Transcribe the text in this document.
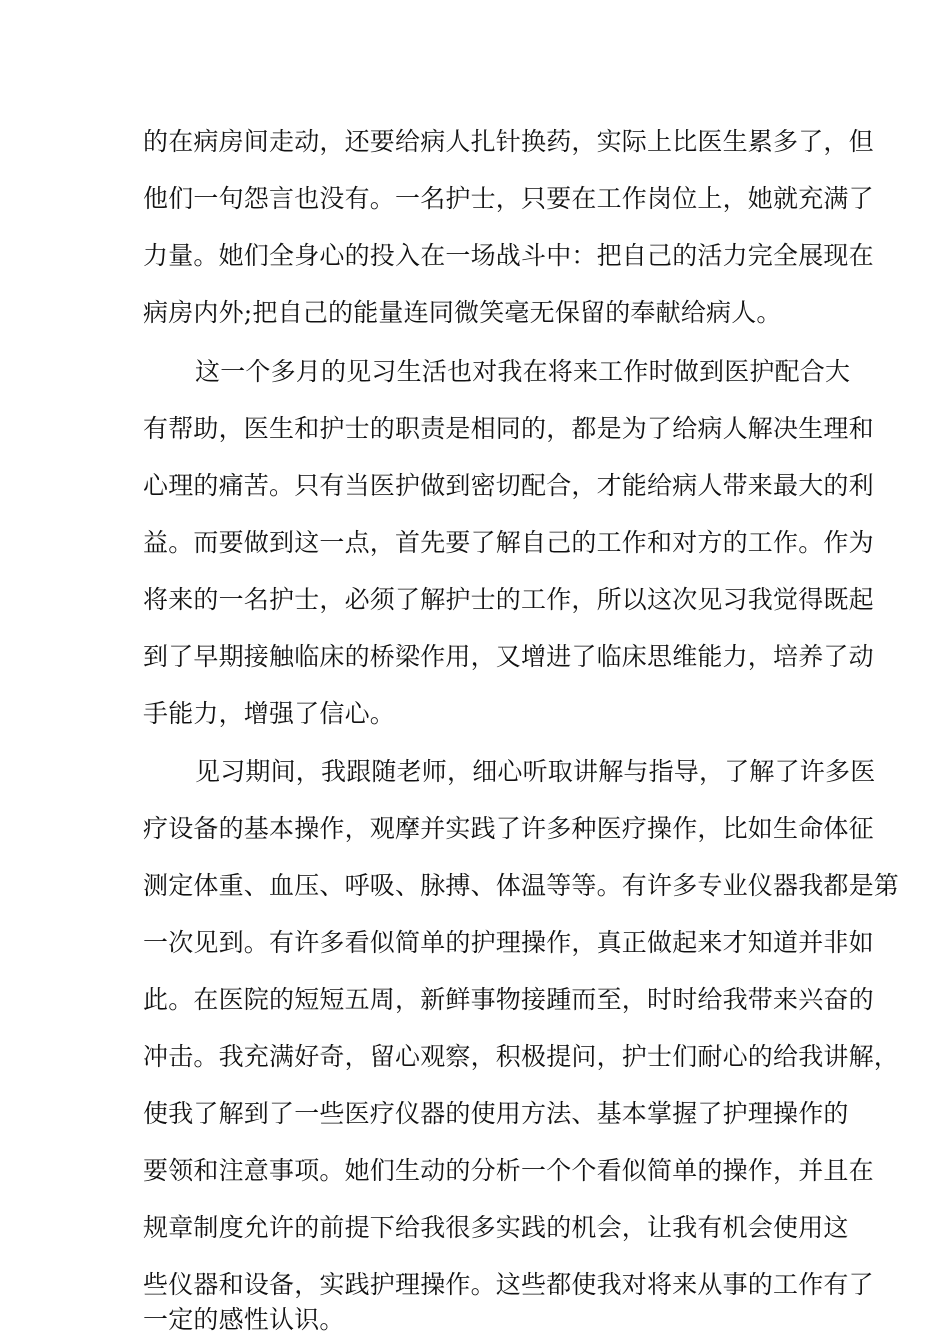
的在病房间走动，还要给病人扎针换药，实际上比医生累多了，但
他们一句怨言也没有。一名护士，只要在工作岗位上，她就充满了
力量。她们全身心的投入在一场战斗中：把自己的活力完全展现在
病房内外;把自己的能量连同微笑毫无保留的奉献给病人。
这一个多月的见习生活也对我在将来工作时做到医护配合大
有帮助，医生和护士的职责是相同的，都是为了给病人解决生理和
心理的痛苦。只有当医护做到密切配合，才能给病人带来最大的利
益。而要做到这一点，首先要了解自己的工作和对方的工作。作为
将来的一名护士，必须了解护士的工作，所以这次见习我觉得既起
到了早期接触临床的桥梁作用，又增进了临床思维能力，培养了动
手能力，增强了信心。
见习期间，我跟随老师，细心听取讲解与指导，了解了许多医
疗设备的基本操作，观摩并实践了许多种医疗操作，比如生命体征
测定体重、血压、呼吸、脉搏、体温等等。有许多专业仪器我都是第
一次见到。有许多看似简单的护理操作，真正做起来才知道并非如
此。在医院的短短五周，新鲜事物接踵而至，时时给我带来兴奋的
冲击。我充满好奇，留心观察，积极提问，护士们耐心的给我讲解，
使我了解到了一些医疗仪器的使用方法、基本掌握了护理操作的
要领和注意事项。她们生动的分析一个个看似简单的操作，并且在
规章制度允许的前提下给我很多实践的机会，让我有机会使用这
些仪器和设备，实践护理操作。这些都使我对将来从事的工作有了
一定的感性认识。
